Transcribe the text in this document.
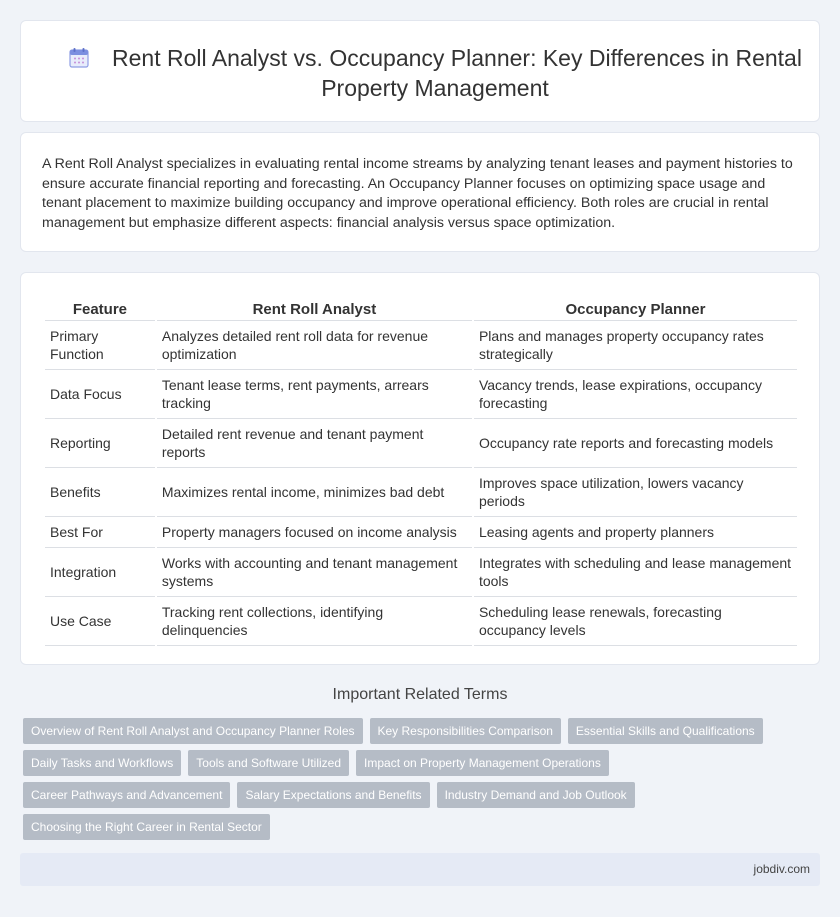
Rent Roll Analyst vs. Occupancy Planner: Key Differences in Rental Property Management

A Rent Roll Analyst specializes in evaluating rental income streams by analyzing tenant leases and payment histories to ensure accurate financial reporting and forecasting. An Occupancy Planner focuses on optimizing space usage and tenant placement to maximize building occupancy and improve operational efficiency. Both roles are crucial in rental management but emphasize different aspects: financial analysis versus space optimization.

Feature	Rent Roll Analyst	Occupancy Planner
Primary Function	Analyzes detailed rent roll data for revenue optimization	Plans and manages property occupancy rates strategically
Data Focus	Tenant lease terms, rent payments, arrears tracking	Vacancy trends, lease expirations, occupancy forecasting
Reporting	Detailed rent revenue and tenant payment reports	Occupancy rate reports and forecasting models
Benefits	Maximizes rental income, minimizes bad debt	Improves space utilization, lowers vacancy periods
Best For	Property managers focused on income analysis	Leasing agents and property planners
Integration	Works with accounting and tenant management systems	Integrates with scheduling and lease management tools
Use Case	Tracking rent collections, identifying delinquencies	Scheduling lease renewals, forecasting occupancy levels
Important Related Terms
Overview of Rent Roll Analyst and Occupancy Planner Roles	Key Responsibilities Comparison	Essential Skills and Qualifications
Daily Tasks and Workflows	Tools and Software Utilized	Impact on Property Management Operations
Career Pathways and Advancement	Salary Expectations and Benefits	Industry Demand and Job Outlook
Choosing the Right Career in Rental Sector
jobdiv.com
